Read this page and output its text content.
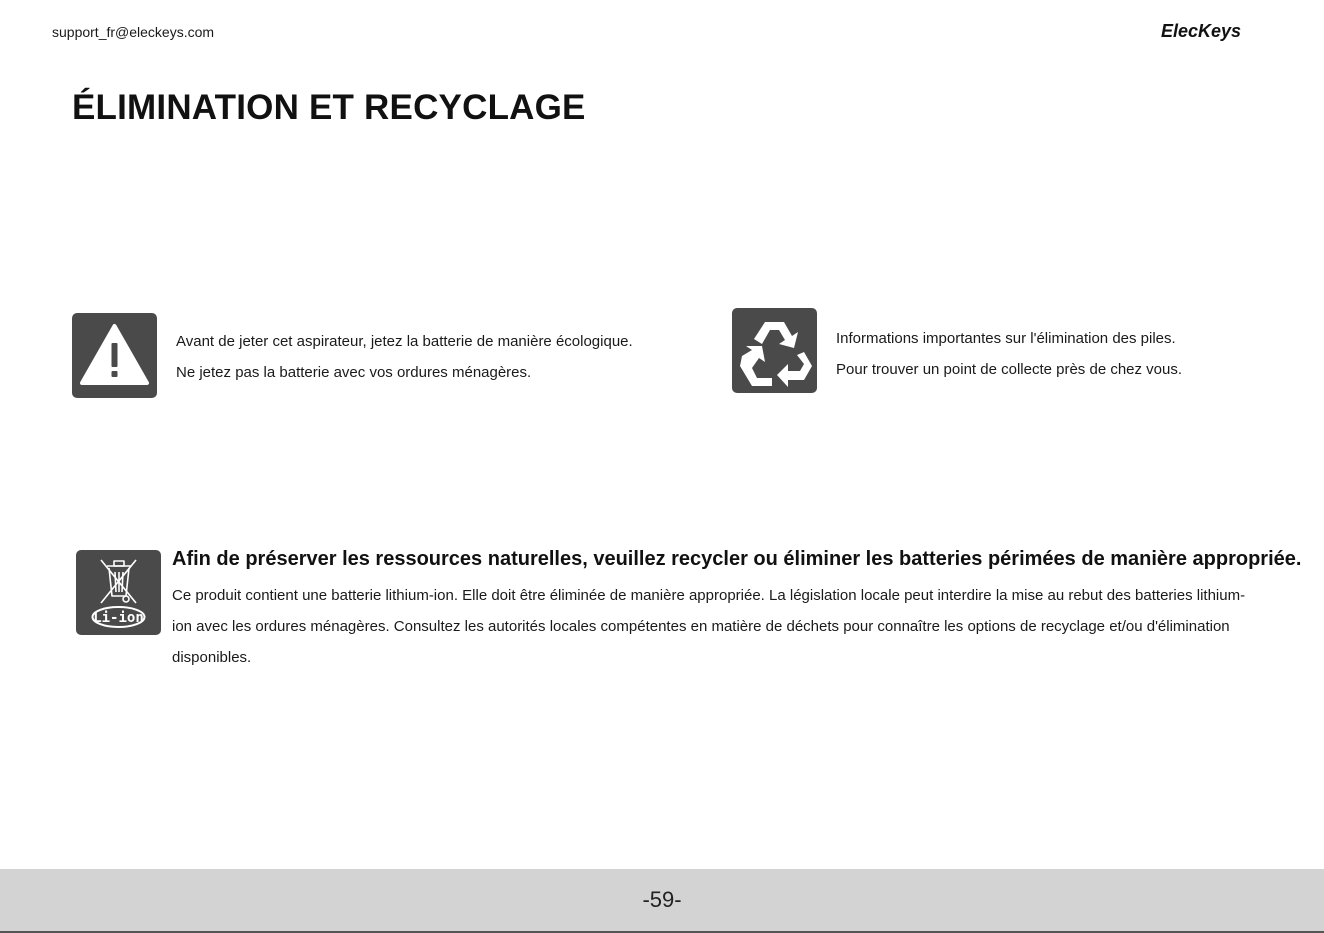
support_fr@eleckeys.com	ElecKeys
ÉLIMINATION ET RECYCLAGE

Avant de jeter cet aspirateur, jetez la batterie de manière écologique.

Ne jetez pas la batterie avec vos ordures ménagères.

Informations importantes sur l'élimination des piles.

Pour trouver un point de collecte près de chez vous.

Li-ion
Afin de préserver les ressources naturelles, veuillez recycler ou éliminer les batteries périmées de manière appropriée.

Ce produit contient une batterie lithium-ion. Elle doit être éliminée de manière appropriée. La législation locale peut interdire la mise au rebut des batteries lithium-ion avec les ordures ménagères. Consultez les autorités locales compétentes en matière de déchets pour connaître les options de recyclage et/ou d'élimination disponibles.

-59-
